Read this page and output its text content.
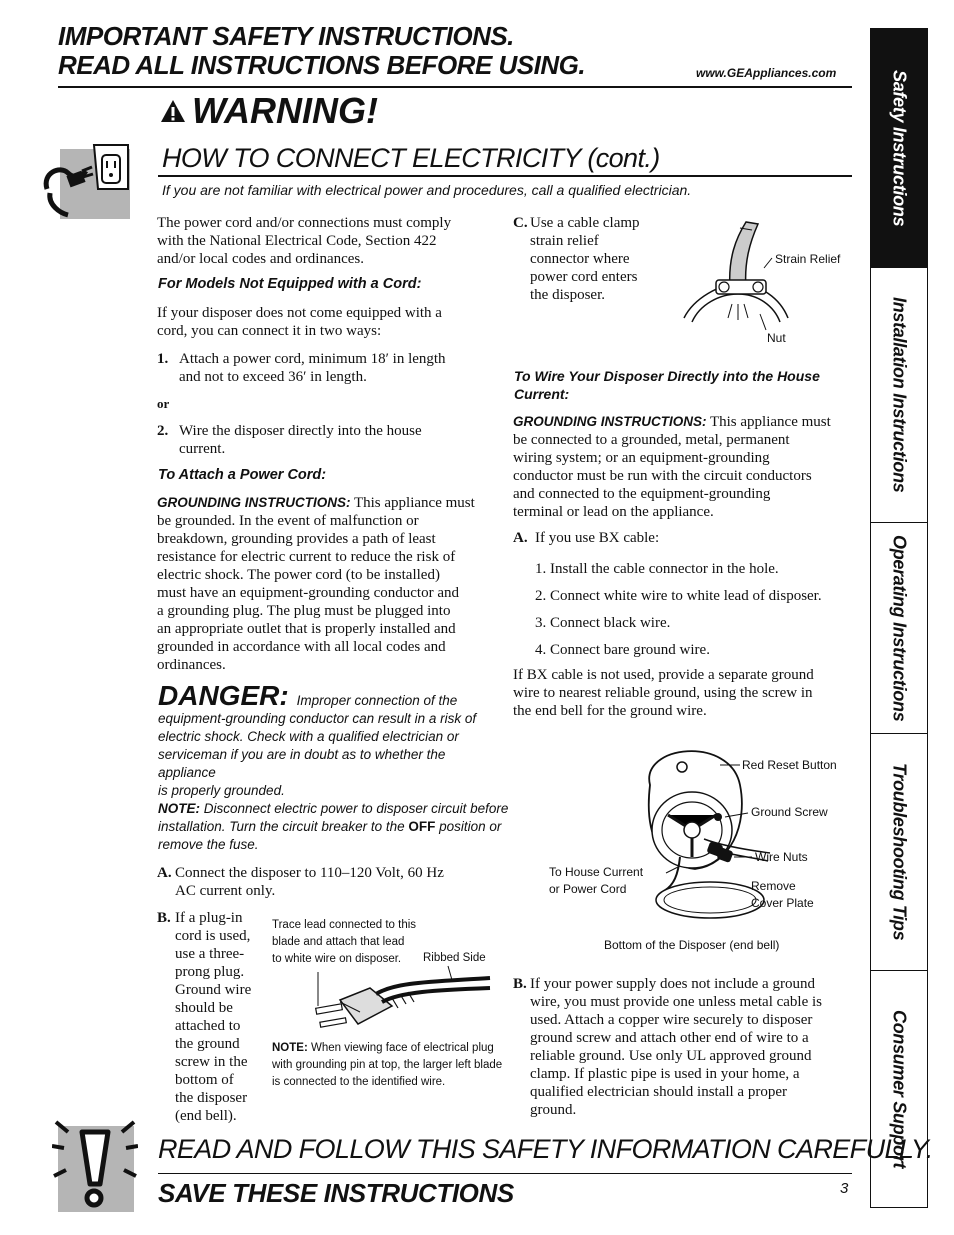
IMPORTANT SAFETY INSTRUCTIONS.
READ ALL INSTRUCTIONS BEFORE USING.	www.GEAppliances.com
WARNING!
HOW TO CONNECT ELECTRICITY (cont.)
If you are not familiar with electrical power and procedures, call a qualified electrician.
The power cord and/or connections must comply
with the National Electrical Code, Section 422
and/or local codes and ordinances.
For Models Not Equipped with a Cord:
If your disposer does not come equipped with a
cord, you can connect it in two ways:
1. Attach a power cord, minimum 18′ in length
and not to exceed 36′ in length.
or
2. Wire the disposer directly into the house
current.
To Attach a Power Cord:
GROUNDING INSTRUCTIONS: This appliance must
be grounded. In the event of malfunction or
breakdown, grounding provides a path of least
resistance for electric current to reduce the risk of
electric shock. The power cord (to be installed)
must have an equipment-grounding conductor and
a grounding plug. The plug must be plugged into
an appropriate outlet that is properly installed and
grounded in accordance with all local codes and
ordinances.
DANGER: Improper connection of the
equipment-grounding conductor can result in a risk of
electric shock. Check with a qualified electrician or
serviceman if you are in doubt as to whether the appliance
is properly grounded.
NOTE: Disconnect electric power to disposer circuit before
installation. Turn the circuit breaker to the OFF position or
remove the fuse.
A. Connect the disposer to 110–120 Volt, 60 Hz
AC current only.
B. If a plug-in
cord is used,
use a three-
prong plug.
Ground wire
should be
attached to
the ground
screw in the
bottom of
the disposer
(end bell).
Trace lead connected to this
blade and attach that lead
to white wire on disposer.	Ribbed Side
NOTE: When viewing face of electrical plug
with grounding pin at top, the larger left blade
is connected to the identified wire.
C. Use a cable clamp
strain relief
connector where
power cord enters
the disposer.
Strain Relief
Nut
To Wire Your Disposer Directly into the House
Current:
GROUNDING INSTRUCTIONS: This appliance must
be connected to a grounded, metal, permanent
wiring system; or an equipment-grounding
conductor must be run with the circuit conductors
and connected to the equipment-grounding
terminal or lead on the appliance.
A. If you use BX cable:
1. Install the cable connector in the hole.
2. Connect white wire to white lead of disposer.
3. Connect black wire.
4. Connect bare ground wire.
If BX cable is not used, provide a separate ground
wire to nearest reliable ground, using the screw in
the end bell for the ground wire.
Red Reset Button
Ground Screw
Wire Nuts
To House Current
or Power Cord	Remove
Cover Plate
Bottom of the Disposer (end bell)
B. If your power supply does not include a ground
wire, you must provide one unless metal cable is
used. Attach a copper wire securely to disposer
ground screw and attach other end of wire to a
reliable ground. Use only UL approved ground
clamp. If plastic pipe is used in your home, a
qualified electrician should install a proper
ground.
Safety Instructions
Installation Instructions
Operating Instructions
Troubleshooting Tips
Consumer Support
READ AND FOLLOW THIS SAFETY INFORMATION CAREFULLY.
SAVE THESE INSTRUCTIONS	3
